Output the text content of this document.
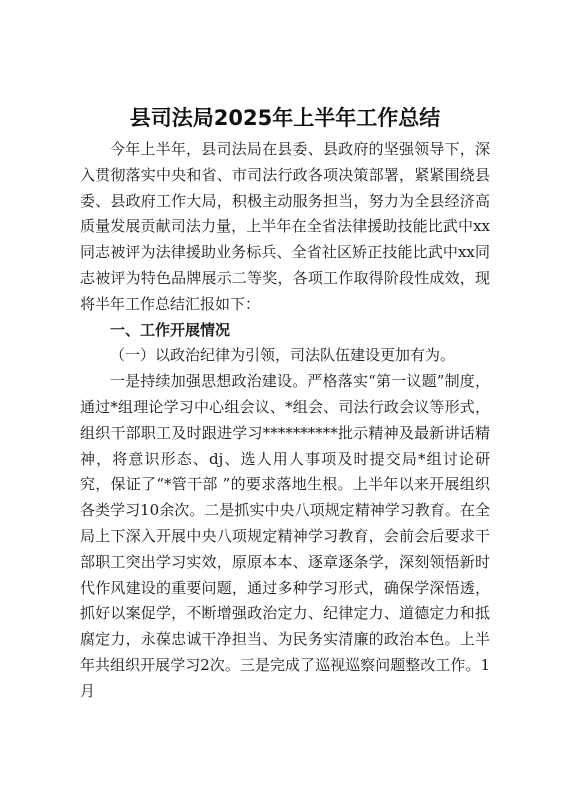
县司法局2025年上半年工作总结

今年上半年，县司法局在县委、县政府的坚强领导下，深入贯彻落实中央和省、市司法行政各项决策部署，紧紧围绕县委、县政府工作大局，积极主动服务担当，努力为全县经济高质量发展贡献司法力量，上半年在全省法律援助技能比武中xx同志被评为法律援助业务标兵、全省社区矫正技能比武中xx同志被评为特色品牌展示二等奖，各项工作取得阶段性成效，现将半年工作总结汇报如下：

一、工作开展情况

（一）以政治纪律为引领，司法队伍建设更加有为。

一是持续加强思想政治建设。严格落实“第一议题”制度，通过*组理论学习中心组会议、*组会、司法行政会议等形式，组织干部职工及时跟进学习**********批示精神及最新讲话精神，将意识形态、dj、选人用人事项及时提交局*组讨论研究，保证了“*管干部 ”的要求落地生根。上半年以来开展组织各类学习10余次。二是抓实中央八项规定精神学习教育。在全局上下深入开展中央八项规定精神学习教育，会前会后要求干部职工突出学习实效，原原本本、逐章逐条学，深刻领悟新时代作风建设的重要问题，通过多种学习形式，确保学深悟透，抓好以案促学，不断增强政治定力、纪律定力、道德定力和抵腐定力，永葆忠诚干净担当、为民务实清廉的政治本色。上半年共组织开展学习2次。三是完成了巡视巡察问题整改工作。1月
